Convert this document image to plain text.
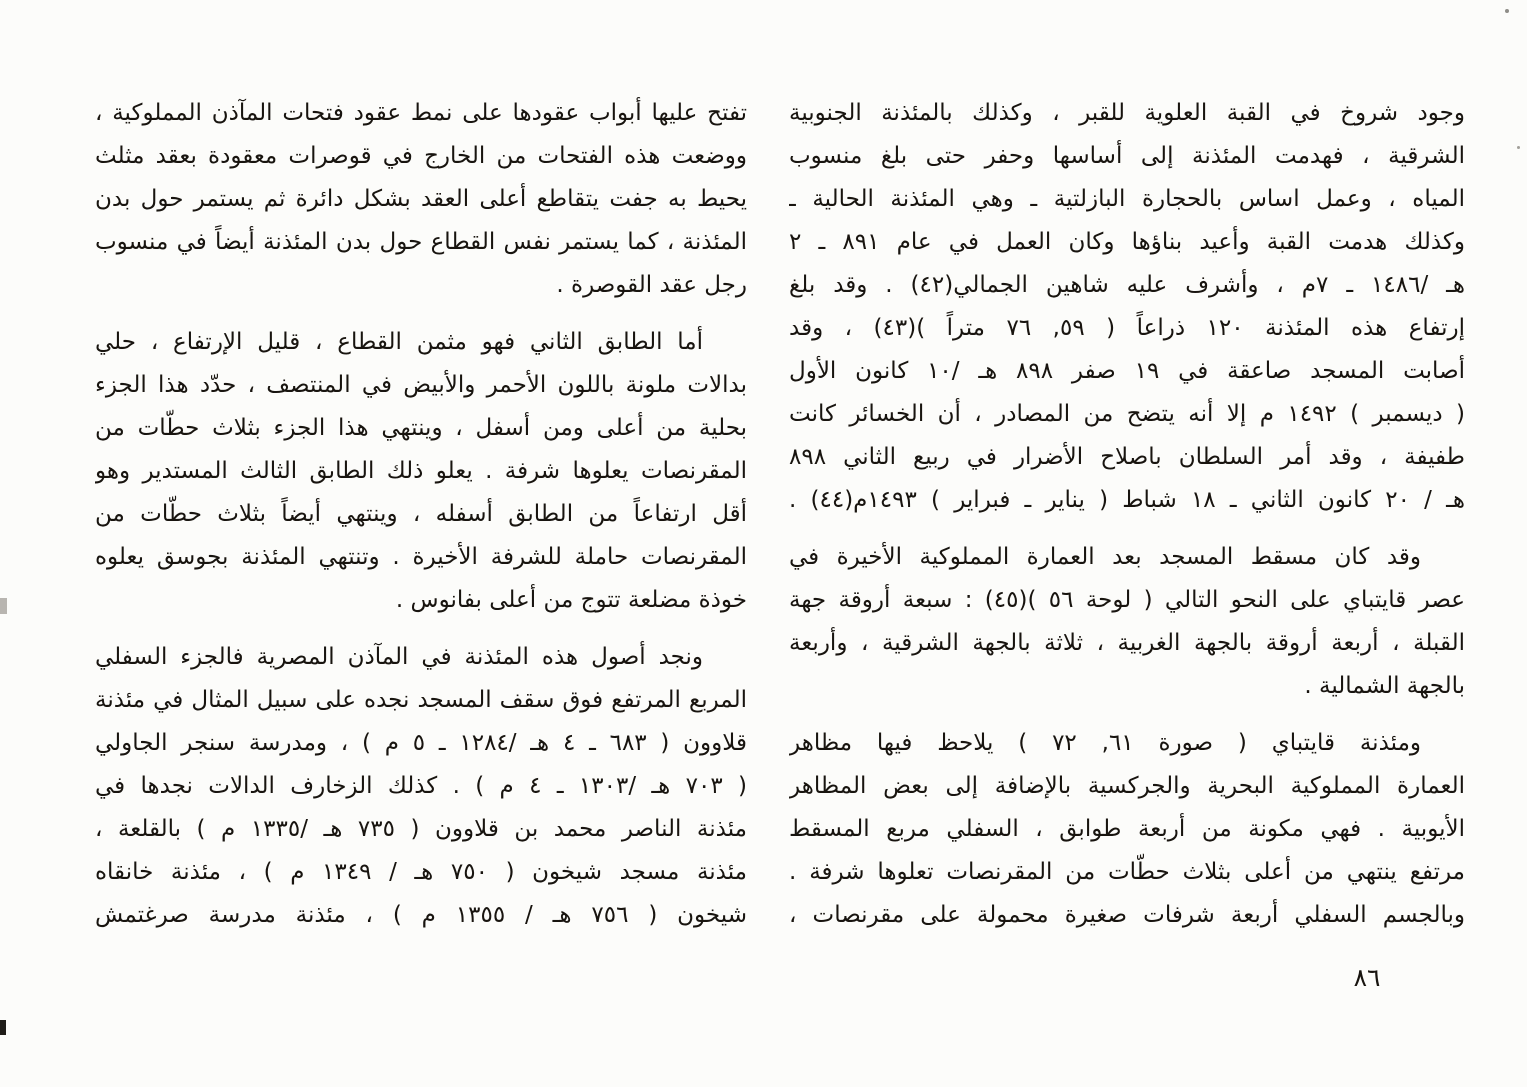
وجود شروخ في القبة العلوية للقبر ، وكذلك بالمئذنة الجنوبية
الشرقية ، فهدمت المئذنة إلى أساسها وحفر حتى بلغ منسوب
المياه ، وعمل اساس بالحجارة البازلتية ـ وهي المئذنة الحالية ـ
وكذلك هدمت القبة وأعيد بناؤها وكان العمل في عام ٨٩١ ـ ٢
هـ /١٤٨٦ ـ ٧م ، وأشرف عليه شاهين الجمالي(٤٢) . وقد بلغ
إرتفاع هذه المئذنة ١٢٠ ذراعاً ( ٥٩, ٧٦ متراً )(٤٣) ، وقد
أصابت المسجد صاعقة في ١٩ صفر ٨٩٨ هـ /١٠ كانون الأول
( ديسمبر ) ١٤٩٢ م إلا أنه يتضح من المصادر ، أن الخسائر كانت
طفيفة ، وقد أمر السلطان باصلاح الأضرار في ربيع الثاني ٨٩٨
هـ / ٢٠ كانون الثاني ـ ١٨ شباط ( يناير ـ فبراير ) ١٤٩٣م(٤٤) .
وقد كان مسقط المسجد بعد العمارة المملوكية الأخيرة في
عصر قايتباي على النحو التالي ( لوحة ٥٦ )(٤٥) : سبعة أروقة جهة
القبلة ، أربعة أروقة بالجهة الغربية ، ثلاثة بالجهة الشرقية ، وأربعة
بالجهة الشمالية .
ومئذنة قايتباي ( صورة ٦١, ٧٢ ) يلاحظ فيها مظاهر
العمارة المملوكية البحرية والجركسية بالإضافة إلى بعض المظاهر
الأيوبية . فهي مكونة من أربعة طوابق ، السفلي مربع المسقط
مرتفع ينتهي من أعلى بثلاث حطّات من المقرنصات تعلوها شرفة .
وبالجسم السفلي أربعة شرفات صغيرة محمولة على مقرنصات ،
تفتح عليها أبواب عقودها على نمط عقود فتحات المآذن المملوكية ،
ووضعت هذه الفتحات من الخارج في قوصرات معقودة بعقد مثلث
يحيط به جفت يتقاطع أعلى العقد بشكل دائرة ثم يستمر حول بدن
المئذنة ، كما يستمر نفس القطاع حول بدن المئذنة أيضاً في منسوب
رجل عقد القوصرة .
أما الطابق الثاني فهو مثمن القطاع ، قليل الإرتفاع ، حلي
بدالات ملونة باللون الأحمر والأبيض في المنتصف ، حدّد هذا الجزء
بحلية من أعلى ومن أسفل ، وينتهي هذا الجزء بثلاث حطّات من
المقرنصات يعلوها شرفة . يعلو ذلك الطابق الثالث المستدير وهو
أقل ارتفاعاً من الطابق أسفله ، وينتهي أيضاً بثلاث حطّات من
المقرنصات حاملة للشرفة الأخيرة . وتنتهي المئذنة بجوسق يعلوه
خوذة مضلعة تتوج من أعلى بفانوس .
ونجد أصول هذه المئذنة في المآذن المصرية فالجزء السفلي
المربع المرتفع فوق سقف المسجد نجده على سبيل المثال في مئذنة
قلاوون ( ٦٨٣ ـ ٤ هـ /١٢٨٤ ـ ٥ م ) ، ومدرسة سنجر الجاولي
( ٧٠٣ هـ /١٣٠٣ ـ ٤ م ) . كذلك الزخارف الدالات نجدها في
مئذنة الناصر محمد بن قلاوون ( ٧٣٥ هـ /١٣٣٥ م ) بالقلعة ،
مئذنة مسجد شيخون ( ٧٥٠ هـ / ١٣٤٩ م ) ، مئذنة خانقاه
شيخون ( ٧٥٦ هـ / ١٣٥٥ م ) ، مئذنة مدرسة صرغتمش
٨٦
